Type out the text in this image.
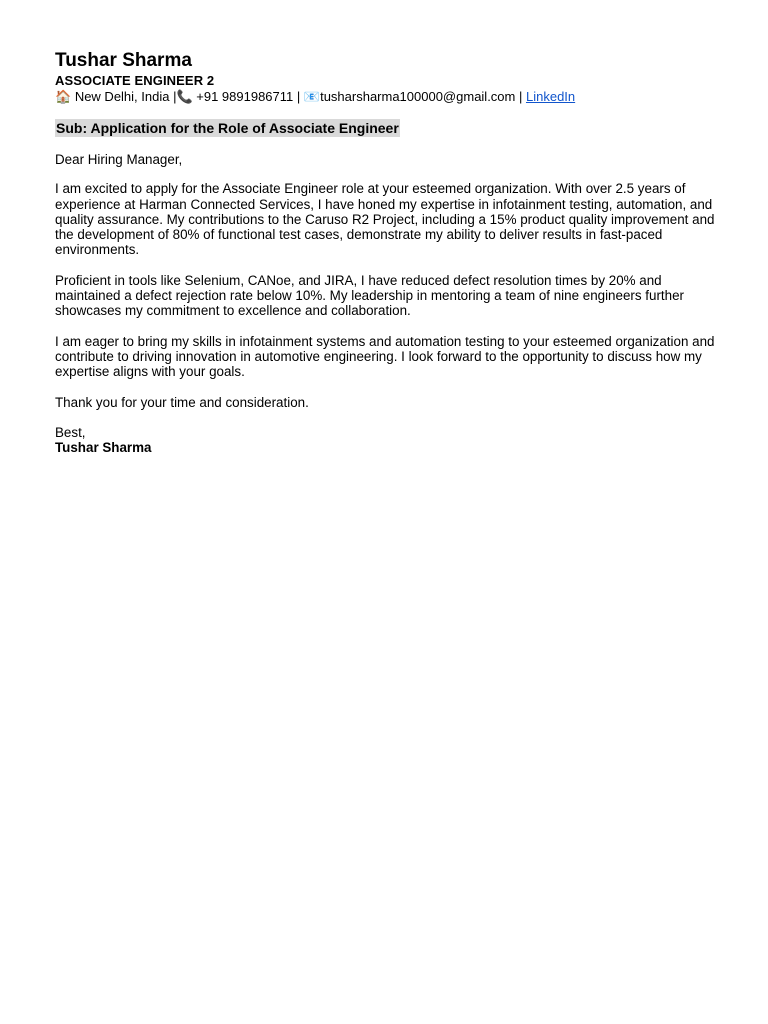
Tushar Sharma
ASSOCIATE ENGINEER 2
🏠 New Delhi, India |📞 +91 9891986711 | 📧tusharsharma100000@gmail.com | LinkedIn
Sub: Application for the Role of Associate Engineer

Dear Hiring Manager,

I am excited to apply for the Associate Engineer role at your esteemed organization. With over 2.5 years of experience at Harman Connected Services, I have honed my expertise in infotainment testing, automation, and quality assurance. My contributions to the Caruso R2 Project, including a 15% product quality improvement and the development of 80% of functional test cases, demonstrate my ability to deliver results in fast-paced environments.

Proficient in tools like Selenium, CANoe, and JIRA, I have reduced defect resolution times by 20% and maintained a defect rejection rate below 10%. My leadership in mentoring a team of nine engineers further showcases my commitment to excellence and collaboration.

I am eager to bring my skills in infotainment systems and automation testing to your esteemed organization and contribute to driving innovation in automotive engineering. I look forward to the opportunity to discuss how my expertise aligns with your goals.

Thank you for your time and consideration.

Best,

Tushar Sharma
